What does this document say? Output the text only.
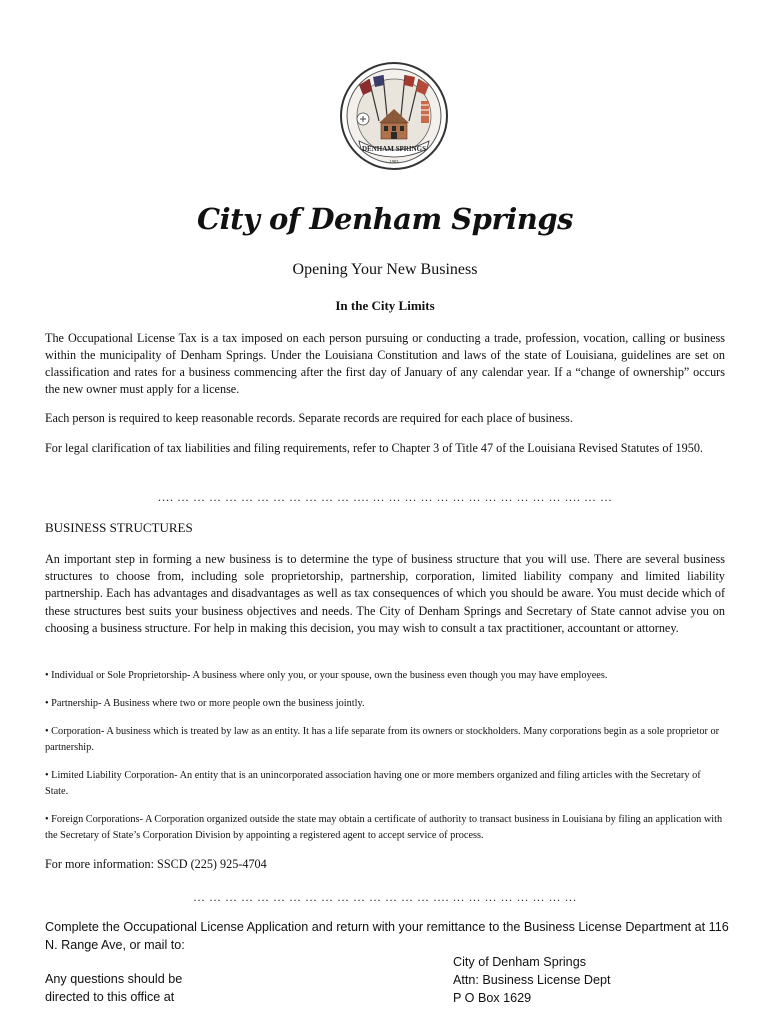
DENHAM SPRINGS
1903
City of Denham Springs
Opening Your New Business
In the City Limits

The Occupational License Tax is a tax imposed on each person pursuing or conducting a trade, profession, vocation, calling or business within the municipality of Denham Springs. Under the Louisiana Constitution and laws of the state of Louisiana, guidelines are set on classification and rates for a business commencing after the first day of January of any calendar year. If a “change of ownership” occurs the new owner must apply for a license.

Each person is required to keep reasonable records. Separate records are required for each place of business.

For legal clarification of tax liabilities and filing requirements, refer to Chapter 3 of Title 47 of the Louisiana Revised Statutes of 1950.

…. … … … … … … … … … … … …. … … … … … … … … … … … … …. … …
BUSINESS STRUCTURES

An important step in forming a new business is to determine the type of business structure that you will use. There are several business structures to choose from, including sole proprietorship, partnership, corporation, limited liability company and limited liability partnership. Each has advantages and disadvantages as well as tax consequences of which you should be aware. You must decide which of these structures best suits your business objectives and needs. The City of Denham Springs and Secretary of State cannot advise you on choosing a business structure. For help in making this decision, you may wish to consult a tax practitioner, accountant or attorney.

• Individual or Sole Proprietorship- A business where only you, or your spouse, own the business even though you may have employees.

• Partnership- A Business where two or more people own the business jointly.

• Corporation- A business which is treated by law as an entity. It has a life separate from its owners or stockholders. Many corporations begin as a sole proprietor or partnership.

• Limited Liability Corporation- An entity that is an unincorporated association having one or more members organized and filing articles with the Secretary of State.

• Foreign Corporations- A Corporation organized outside the state may obtain a certificate of authority to transact business in Louisiana by filing an application with the Secretary of State’s Corporation Division by appointing a registered agent to accept service of process.

For more information: SSCD (225) 925-4704
… … … … … … … … … … … … … … … …. … … … … … … … …
Complete the Occupational License Application and return with your remittance to the Business License Department at 116 N. Range Ave, or mail to:
Any questions should be
directed to this office at
City of Denham Springs
Attn: Business License Dept
P O Box 1629
